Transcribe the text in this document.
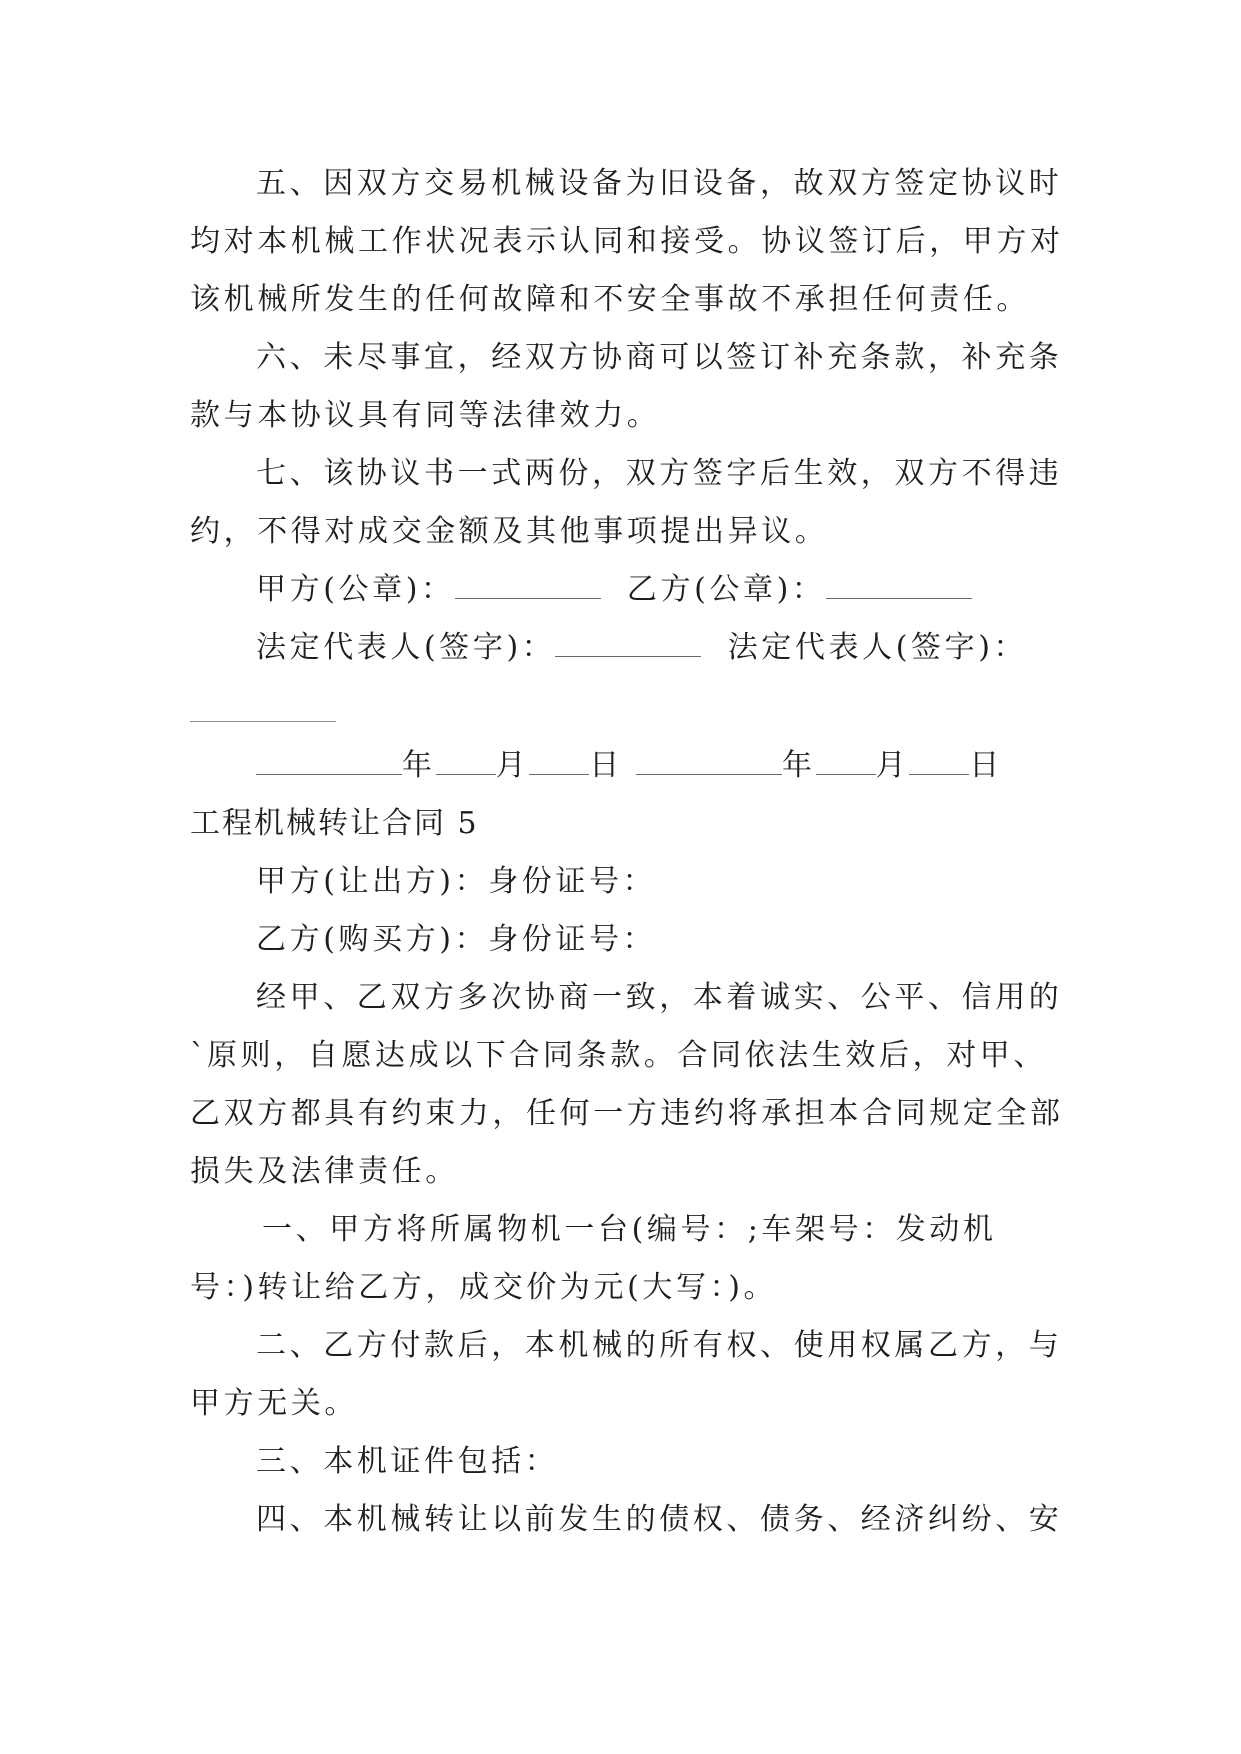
五、因双方交易机械设备为旧设备，故双方签定协议时
均对本机械工作状况表示认同和接受。协议签订后，甲方对
该机械所发生的任何故障和不安全事故不承担任何责任。
六、未尽事宜，经双方协商可以签订补充条款，补充条
款与本协议具有同等法律效力。
七、该协议书一式两份，双方签字后生效，双方不得违
约，不得对成交金额及其他事项提出异议。
甲方(公章)：	乙方(公章)：
法定代表人(签字)：	法定代表人(签字)：
年 月 日	年 月 日
工程机械转让合同 5
甲方(让出方)：身份证号：
乙方(购买方)：身份证号：
经甲、乙双方多次协商一致，本着诚实、公平、信用的
`原则，自愿达成以下合同条款。合同依法生效后，对甲、
乙双方都具有约束力，任何一方违约将承担本合同规定全部
损失及法律责任。
一、甲方将所属物机一台(编号：;车架号：发动机
号：)转让给乙方，成交价为元(大写：)。
二、乙方付款后，本机械的所有权、使用权属乙方，与
甲方无关。
三、本机证件包括：
四、本机械转让以前发生的债权、债务、经济纠纷、安
